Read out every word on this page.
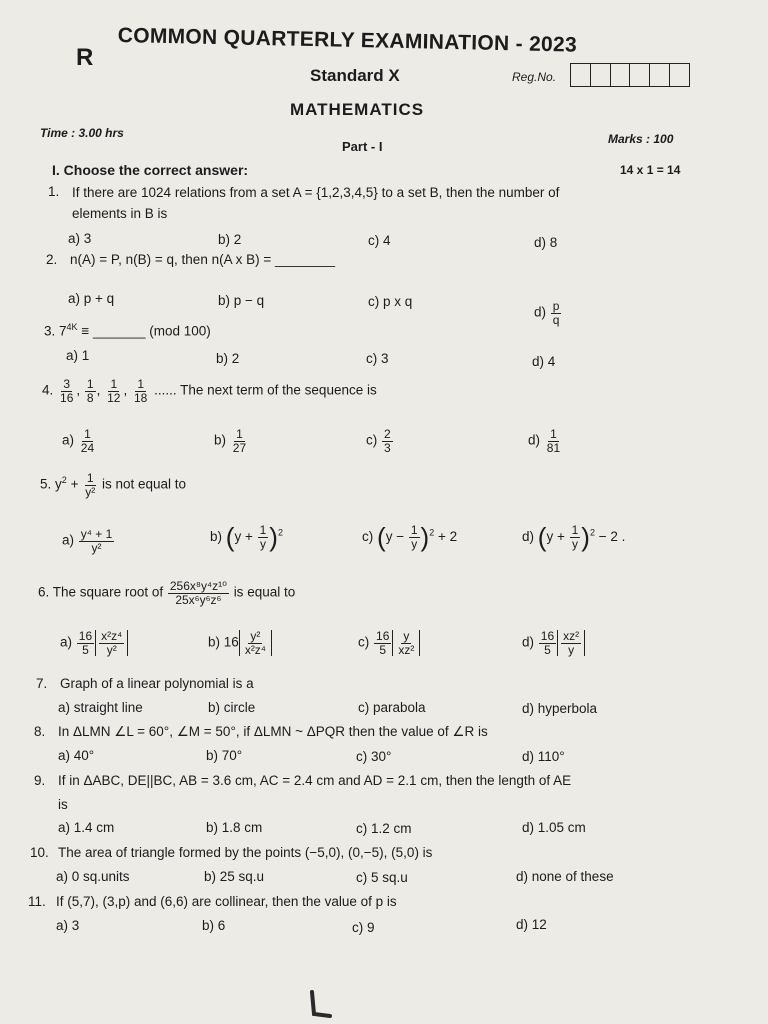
COMMON QUARTERLY EXAMINATION - 2023
R
Standard X	Reg.No.
MATHEMATICS
Time : 3.00 hrs
Part - I	Marks : 100
I. Choose the correct answer:	14 x 1 = 14
1. If there are 1024 relations from a set A = {1,2,3,4,5} to a set B, then the number of
elements in B is
a) 3	b) 2	c) 4	d) 8
2. n(A) = P, n(B) = q, then n(A x B) = ________
a) p + q	b) p − q	c) p x q
$d) \frac{p}{q}$
3. $7^{4K}$ ≡ _______ (mod 100)
a) 1	b) 2	c) 3	d) 4
4. $\frac{3}{16}$ , $\frac{1}{8}$ , $\frac{1}{12}$ , $\frac{1}{18}$ ...... The next term of the sequence is
$a) \frac{1}{24}$	$b) \frac{1}{27}$	$c) \frac{2}{3}$	$d) \frac{1}{81}$
5. $y^2 + \frac{1}{\text{y²}}$ is not equal to
$a) \frac{\text{y⁴ + 1}}{\text{y²}}$	b) $(y + \frac{1}{y} )^2$	c) $(y - \frac{1}{y} )^2 + 2$	d) $(y + \frac{1}{y} )^2 - 2$ .
6. The square root of $\frac{\text{256x⁸y⁴z¹⁰}}{\text{25x⁶y⁶z⁶}}$ is equal to
$a) \frac{16}{5} \frac{\text{x²z⁴}}{\text{y²}}$	b) $16 \frac{\text{y²}}{\text{x²z⁴}}$	$c) \frac{16}{5} \frac{y}{\text{xz²}}$	$d) \frac{16}{5} \frac{\text{xz²}}{y}$
7. Graph of a linear polynomial is a
a) straight line	b) circle	c) parabola	d) hyperbola
8. In ΔLMN ∠L = 60°, ∠M = 50°, if ΔLMN ~ ΔPQR then the value of ∠R is
a) 40°	b) 70°	c) 30°	d) 110°
9. If in ΔABC, DE||BC, AB = 3.6 cm, AC = 2.4 cm and AD = 2.1 cm, then the length of AE
is
a) 1.4 cm	b) 1.8 cm	c) 1.2 cm	d) 1.05 cm
10. The area of triangle formed by the points (−5,0), (0,−5), (5,0) is
a) 0 sq.units	b) 25 sq.u	c) 5 sq.u	d) none of these
11. If (5,7), (3,p) and (6,6) are collinear, then the value of p is
a) 3	b) 6	c) 9	d) 12
